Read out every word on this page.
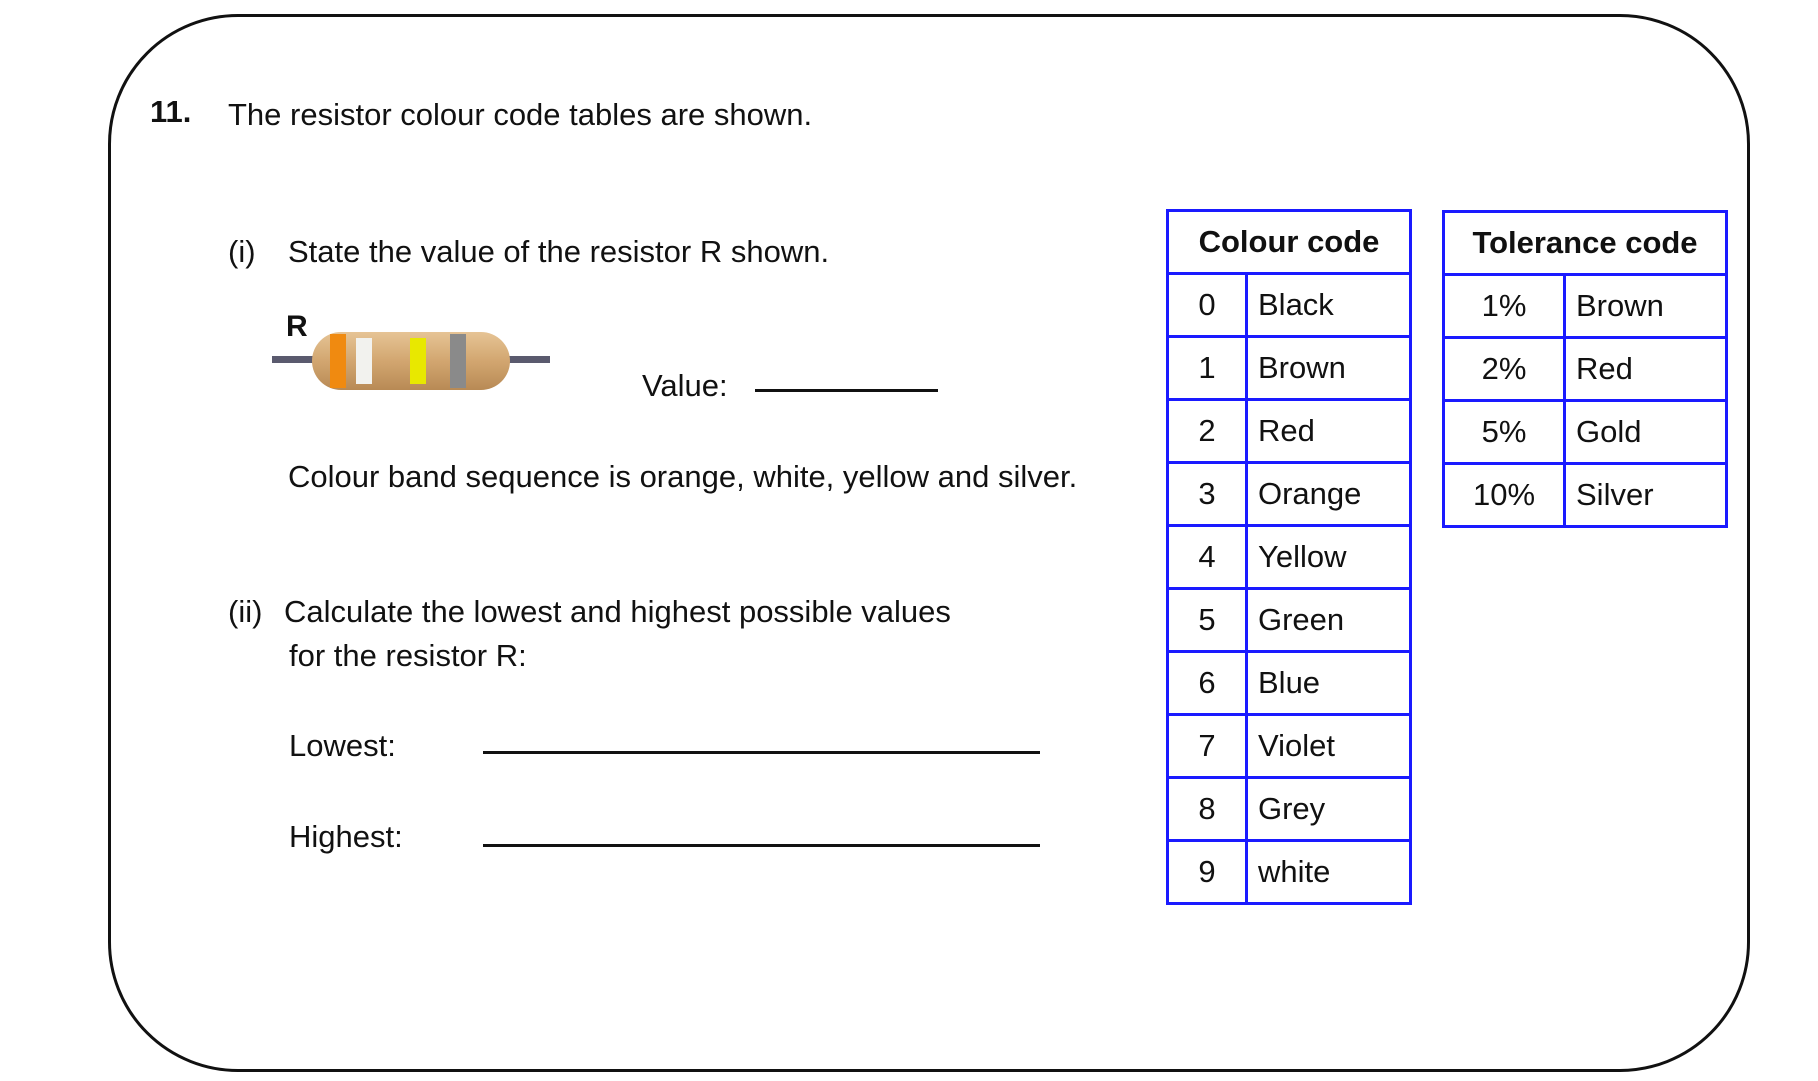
11. The resistor colour code tables are shown.
(i) State the value of the resistor R shown.
R
Value:
Colour band sequence is orange, white, yellow and silver.
(ii) Calculate the lowest and highest possible values
for the resistor R:
Lowest:
Highest:
Colour code	
0	Black
1	Brown
2	Red
3	Orange
4	Yellow
5	Green
6	Blue
7	Violet
8	Grey
9	white
Tolerance code	
1%	Brown
2%	Red
5%	Gold
10%	Silver
